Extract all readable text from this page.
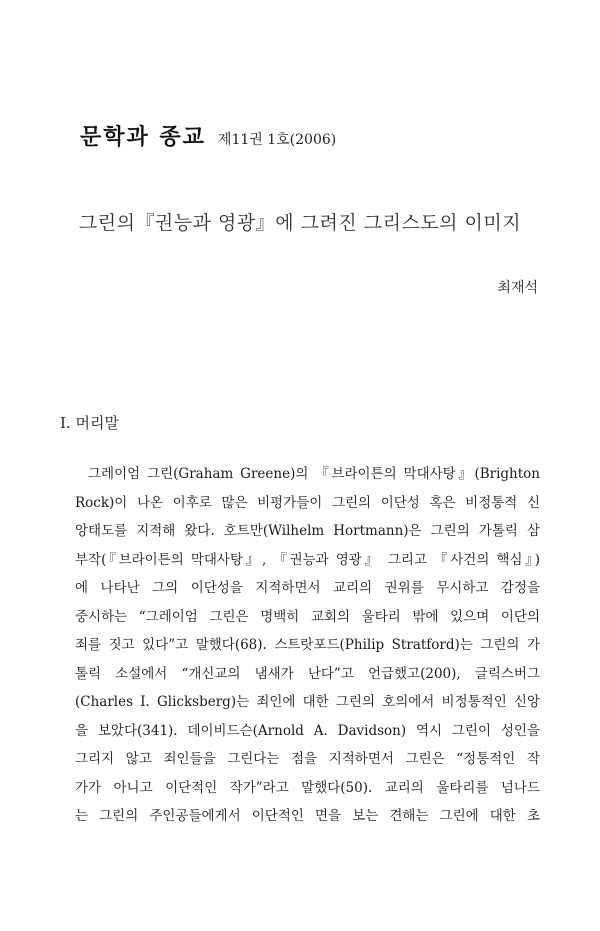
문학과 종교 제11권 1호(2006)
그린의『권능과 영광』에 그려진 그리스도의 이미지
최재석
I. 머리말
그레이엄 그린(Graham Greene)의 『브라이튼의 막대사탕』(Brighton
Rock)이 나온 이후로 많은 비평가들이 그린의 이단성 혹은 비정통적 신
앙태도를 지적해 왔다. 호트만(Wilhelm Hortmann)은 그린의 가톨릭 삼
부작(『브라이튼의 막대사탕』, 『권능과 영광』 그리고 『사건의 핵심』)
에 나타난 그의 이단성을 지적하면서 교리의 권위를 무시하고 감정을
중시하는 “그레이엄 그린은 명백히 교회의 울타리 밖에 있으며 이단의
죄를 짓고 있다”고 말했다(68). 스트랏포드(Philip Stratford)는 그린의 가
톨릭 소설에서 “개신교의 냄새가 난다”고 언급했고(200), 글릭스버그
(Charles I. Glicksberg)는 죄인에 대한 그린의 호의에서 비정통적인 신앙
을 보았다(341). 데이비드슨(Arnold A. Davidson) 역시 그린이 성인을
그리지 않고 죄인들을 그린다는 점을 지적하면서 그린은 “정통적인 작
가가 아니고 이단적인 작가”라고 말했다(50). 교리의 울타리를 넘나드
는 그린의 주인공들에게서 이단적인 면을 보는 견해는 그린에 대한 초
